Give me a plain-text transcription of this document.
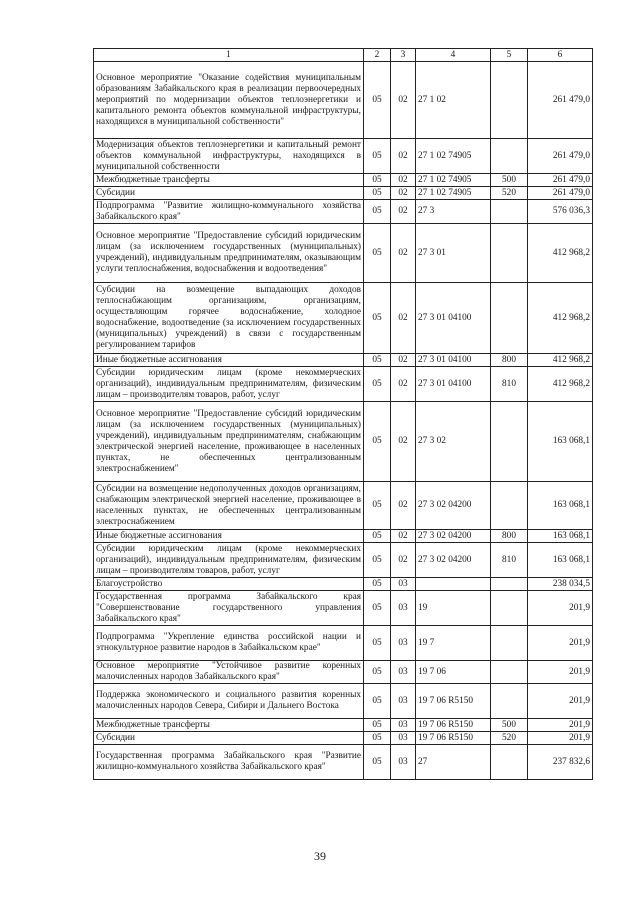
1	2	3	4	5	6
Основное мероприятие "Оказание содействия муниципальным образованиям Забайкальского края в реализации первоочередных мероприятий по модернизации объектов теплоэнергетики и капитального ремонта объектов коммунальной инфраструктуры, находящихся в муниципальной собственности"	05	02	27 1 02		261 479,0
Модернизация объектов теплоэнергетики и капитальный ремонт объектов коммунальной инфраструктуры, находящихся в муниципальной собственности	05	02	27 1 02 74905		261 479,0
Межбюджетные трансферты	05	02	27 1 02 74905	500	261 479,0
Субсидии	05	02	27 1 02 74905	520	261 479,0
Подпрограмма "Развитие жилищно-коммунального хозяйства Забайкальского края"	05	02	27 3		576 036,3
Основное мероприятие "Предоставление субсидий юридическим лицам (за исключением государственных (муниципальных) учреждений), индивидуальным предпринимателям, оказывающим услуги теплоснабжения, водоснабжения и водоотведения"	05	02	27 3 01		412 968,2
Субсидии на возмещение выпадающих доходов теплоснабжающим организациям, организациям, осуществляющим горячее водоснабжение, холодное водоснабжение, водоотведение (за исключением государственных (муниципальных) учреждений) в связи с государственным регулированием тарифов	05	02	27 3 01 04100		412 968,2
Иные бюджетные ассигнования	05	02	27 3 01 04100	800	412 968,2
Субсидии юридическим лицам (кроме некоммерческих организаций), индивидуальным предпринимателям, физическим лицам – производителям товаров, работ, услуг	05	02	27 3 01 04100	810	412 968,2
Основное мероприятие "Предоставление субсидий юридическим лицам (за исключением государственных (муниципальных) учреждений), индивидуальным предпринимателям, снабжающим электрической энергией население, проживающее в населенных пунктах, не обеспеченных централизованным электроснабжением"	05	02	27 3 02		163 068,1
Субсидии на возмещение недополученных доходов организациям, снабжающим электрической энергией население, проживающее в населенных пунктах, не обеспеченных централизованным электроснабжением	05	02	27 3 02 04200		163 068,1
Иные бюджетные ассигнования	05	02	27 3 02 04200	800	163 068,1
Субсидии юридическим лицам (кроме некоммерческих организаций), индивидуальным предпринимателям, физическим лицам – производителям товаров, работ, услуг	05	02	27 3 02 04200	810	163 068,1
Благоустройство	05	03			238 034,5
Государственная программа Забайкальского края "Совершенствование государственного управления Забайкальского края"	05	03	19		201,9
Подпрограмма "Укрепление единства российской нации и этнокультурное развитие народов в Забайкальском крае"	05	03	19 7		201,9
Основное мероприятие "Устойчивое развитие коренных малочисленных народов Забайкальского края"	05	03	19 7 06		201,9
Поддержка экономического и социального развития коренных малочисленных народов Севера, Сибири и Дальнего Востока	05	03	19 7 06 R5150		201,9
Межбюджетные трансферты	05	03	19 7 06 R5150	500	201,9
Субсидии	05	03	19 7 06 R5150	520	201,9
Государственная программа Забайкальского края "Развитие жилищно-коммунального хозяйства Забайкальского края"	05	03	27		237 832,6
39
